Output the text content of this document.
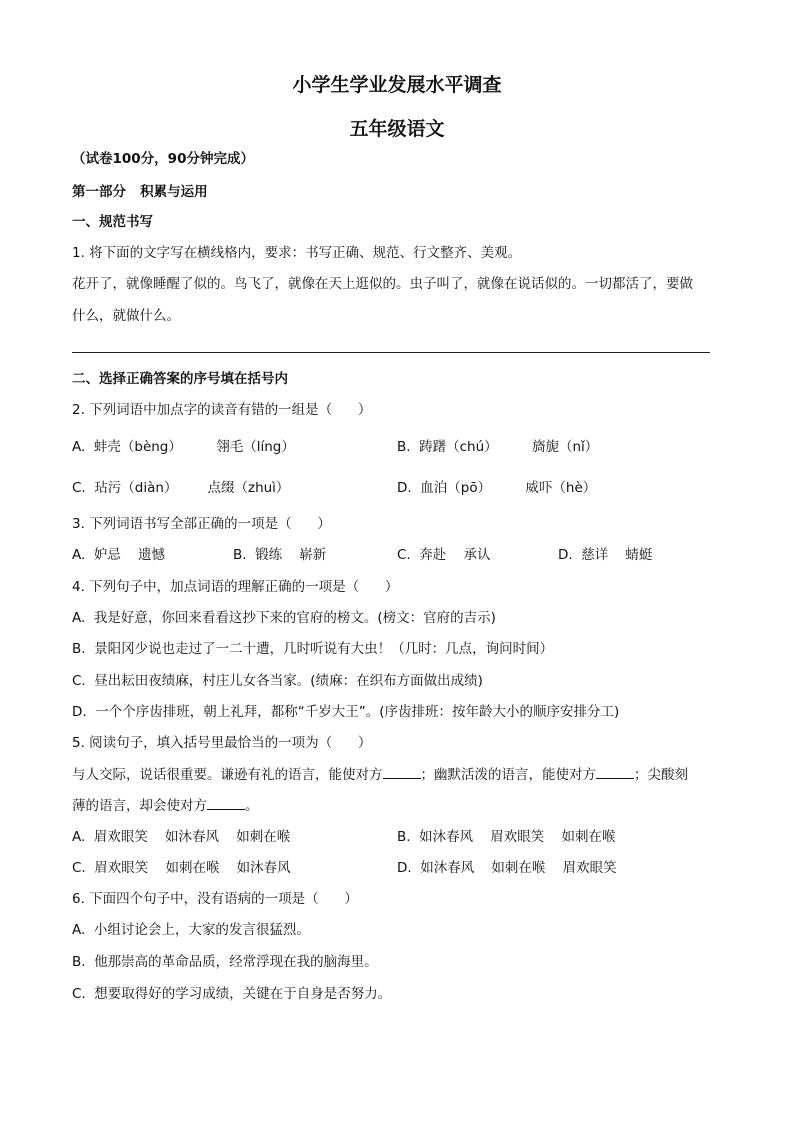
小学生学业发展水平调查
五年级语文
（试卷100分，90分钟完成）
第一部分   积累与运用
一、规范书写
1. 将下面的文字写在横线格内，要求：书写正确、规范、行文整齐、美观。
花开了，就像睡醒了似的。鸟飞了，就像在天上逛似的。虫子叫了，就像在说话似的。一切都活了，要做
什么，就做什么。
二、选择正确答案的序号填在括号内
2. 下列词语中加点字的读音有错的一组是（      ）
A.  蚌壳（bèng）        翎毛（líng）	B.  踌躇（chú）        旖旎（nǐ）
C.  玷污（diàn）       点缀（zhuì）	D.  血泊（pō）        威吓（hè）
3. 下列词语书写全部正确的一项是（      ）
A.  妒忌    遗憾	B.  锻练    崭新	C.  奔赴    承认	D.  慈详    蜻蜓
4. 下列句子中，加点词语的理解正确的一项是（      ）
A.  我是好意，你回来看看这抄下来的官府的榜文。(榜文：官府的吉示)
B.  景阳冈少说也走过了一二十遭，几时听说有大虫！（几时：几点，询问时间）
C.  昼出耘田夜绩麻，村庄儿女各当家。(绩麻：在织布方面做出成绩)
D.  一个个序齿排班，朝上礼拜，都称“千岁大王”。(序齿排班：按年龄大小的顺序安排分工)
5. 阅读句子，填入括号里最恰当的一项为（      ）
与人交际，说话很重要。谦逊有礼的语言，能使对方	；幽默活泼的语言，能使对方	；尖酸刻
薄的语言，却会使对方	。
A.  眉欢眼笑    如沐春风    如刺在喉	B.  如沐春风    眉欢眼笑    如刺在喉
C.  眉欢眼笑    如刺在喉    如沐春风	D.  如沐春风    如刺在喉    眉欢眼笑
6. 下面四个句子中，没有语病的一项是（      ）
A.  小组讨论会上，大家的发言很猛烈。
B.  他那崇高的革命品质，经常浮现在我的脑海里。
C.  想要取得好的学习成绩，关键在于自身是否努力。
